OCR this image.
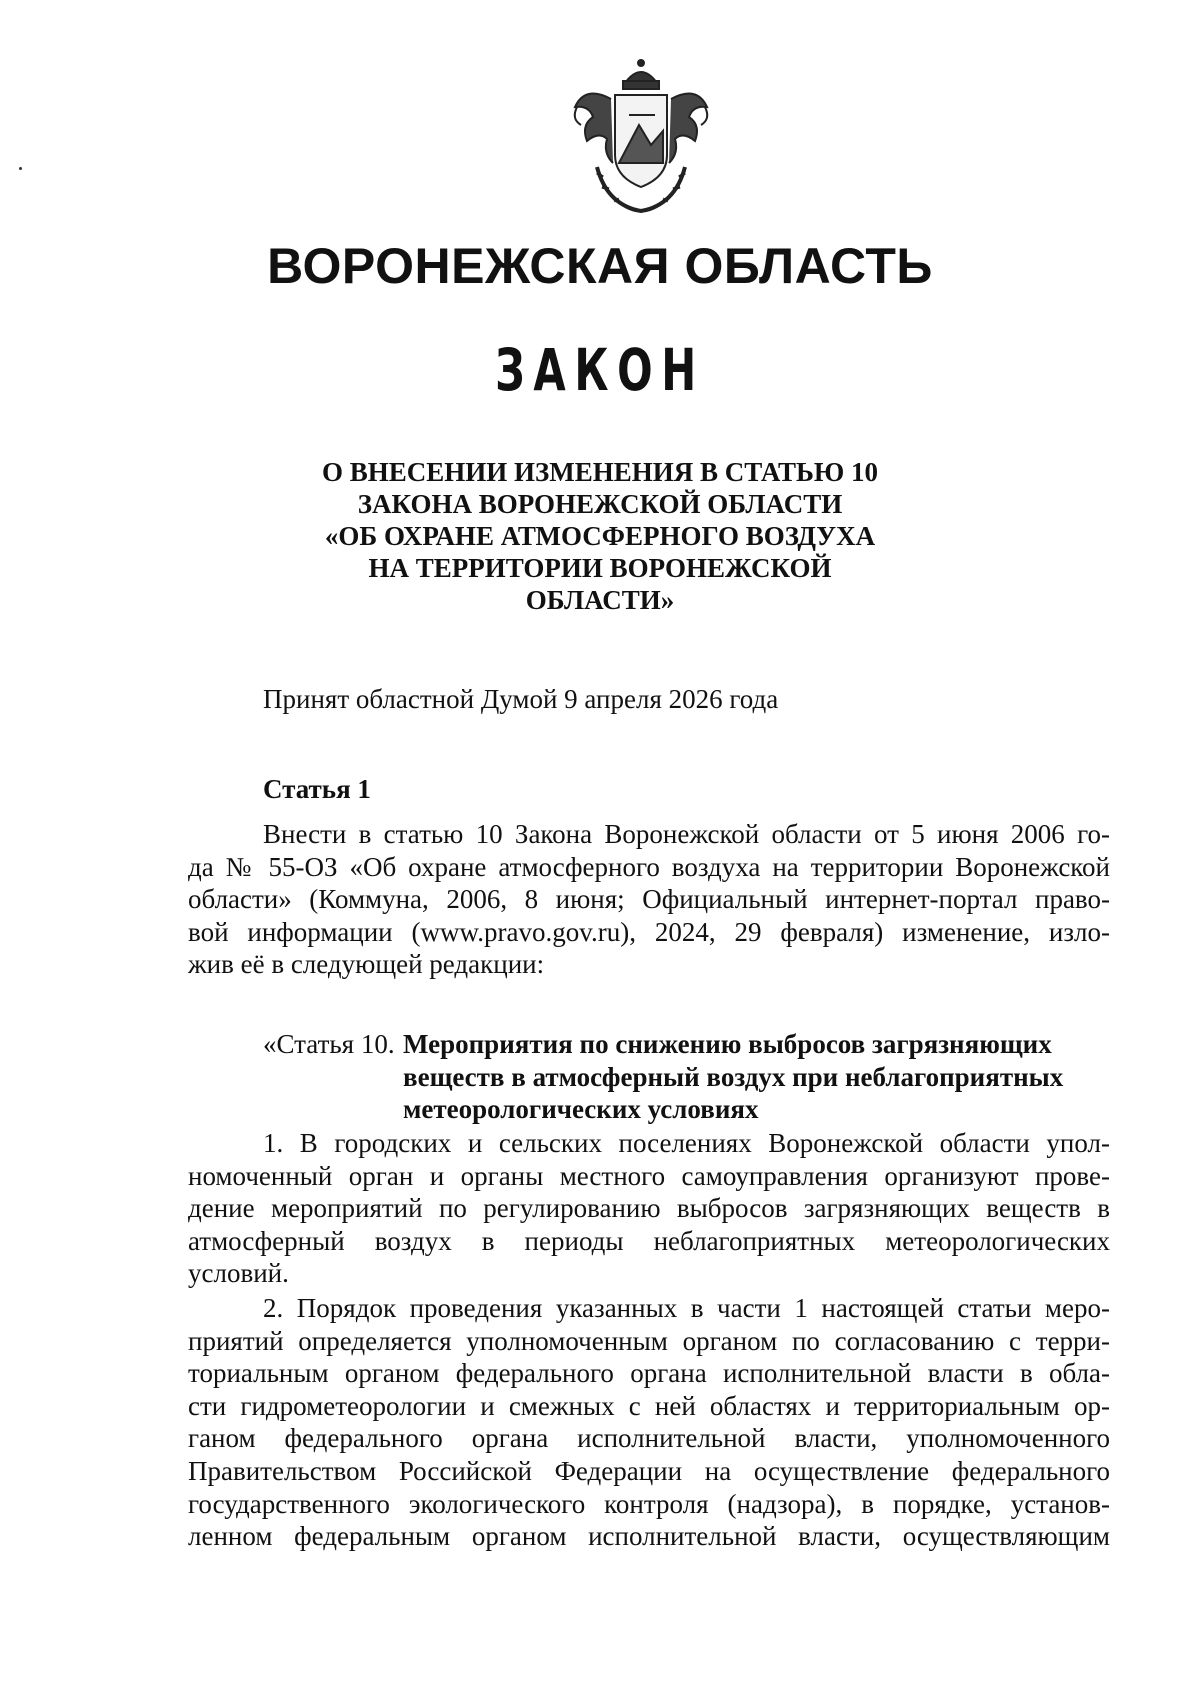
ВОРОНЕЖСКАЯ ОБЛАСТЬ
ЗАКОН
О ВНЕСЕНИИ ИЗМЕНЕНИЯ В СТАТЬЮ 10
ЗАКОНА ВОРОНЕЖСКОЙ ОБЛАСТИ
«ОБ ОХРАНЕ АТМОСФЕРНОГО ВОЗДУХА
НА ТЕРРИТОРИИ ВОРОНЕЖСКОЙ
ОБЛАСТИ»
Принят областной Думой 9 апреля 2026 года
Статья 1
Внести в статью 10 Закона Воронежской области от 5 июня 2006 го-
да № 55-ОЗ «Об охране атмосферного воздуха на территории Воронежской
области» (Коммуна, 2006, 8 июня; Официальный интернет-портал право-
вой информации (www.pravo.gov.ru), 2024, 29 февраля) изменение, изло-
жив её в следующей редакции:
«Статья 10. Мероприятия по снижению выбросов загрязняющих
веществ в атмосферный воздух при неблагоприятных
метеорологических условиях
1. В городских и сельских поселениях Воронежской области упол-
номоченный орган и органы местного самоуправления организуют прове-
дение мероприятий по регулированию выбросов загрязняющих веществ в
атмосферный воздух в периоды неблагоприятных метеорологических
условий.
2. Порядок проведения указанных в части 1 настоящей статьи меро-
приятий определяется уполномоченным органом по согласованию с терри-
ториальным органом федерального органа исполнительной власти в обла-
сти гидрометеорологии и смежных с ней областях и территориальным ор-
ганом федерального органа исполнительной власти, уполномоченного
Правительством Российской Федерации на осуществление федерального
государственного экологического контроля (надзора), в порядке, установ-
ленном федеральным органом исполнительной власти, осуществляющим
